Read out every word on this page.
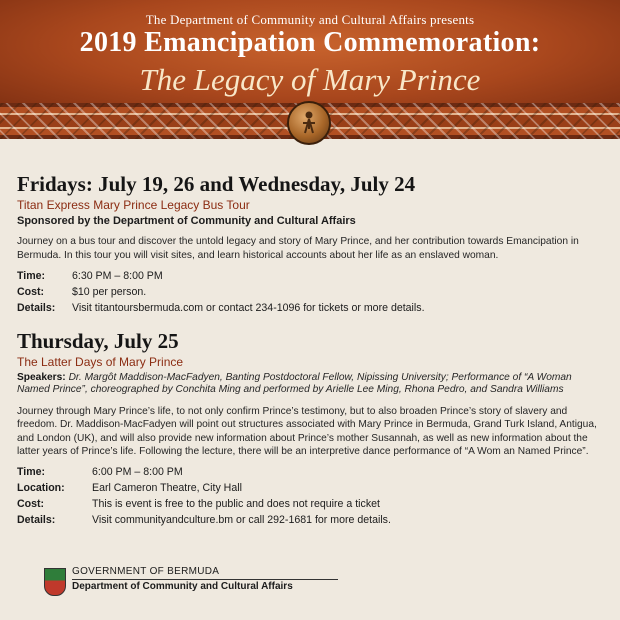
The Department of Community and Cultural Affairs presents
2019 Emancipation Commemoration:
The Legacy of Mary Prince
Fridays: July 19, 26 and Wednesday, July 24
Titan Express Mary Prince Legacy Bus Tour
Sponsored by the Department of Community and Cultural Affairs

Journey on a bus tour and discover the untold legacy and story of Mary Prince, and her contribution towards Emancipation in Bermuda. In this tour you will visit sites, and learn historical accounts about her life as an enslaved woman.

Time:	6:30 PM – 8:00 PM
Cost:	$10 per person.
Details:	Visit titantoursbermuda.com or contact 234-1096 for tickets or more details.
Thursday, July 25
The Latter Days of Mary Prince

Speakers: Dr. Margôt Maddison-MacFadyen, Banting Postdoctoral Fellow, Nipissing University; Performance of “A Woman Named Prince”, choreographed by Conchita Ming and performed by Arielle Lee Ming, Rhona Pedro, and Sandra Williams

Journey through Mary Prince’s life, to not only confirm Prince’s testimony, but to also broaden Prince’s story of slavery and freedom. Dr. Maddison-MacFadyen will point out structures associated with Mary Prince in Bermuda, Grand Turk Island, Antigua, and London (UK), and will also provide new information about Prince’s mother Susannah, as well as new information about the latter years of Prince’s life. Following the lecture, there will be an interpretive dance performance of “A Wom an Named Prince”.

Time:	6:00 PM – 8:00 PM
Location:	Earl Cameron Theatre, City Hall
Cost:	This is event is free to the public and does not require a ticket
Details:	Visit communityandculture.bm or call 292-1681 for more details.
GOVERNMENT OF BERMUDA
Department of Community and Cultural Affairs
